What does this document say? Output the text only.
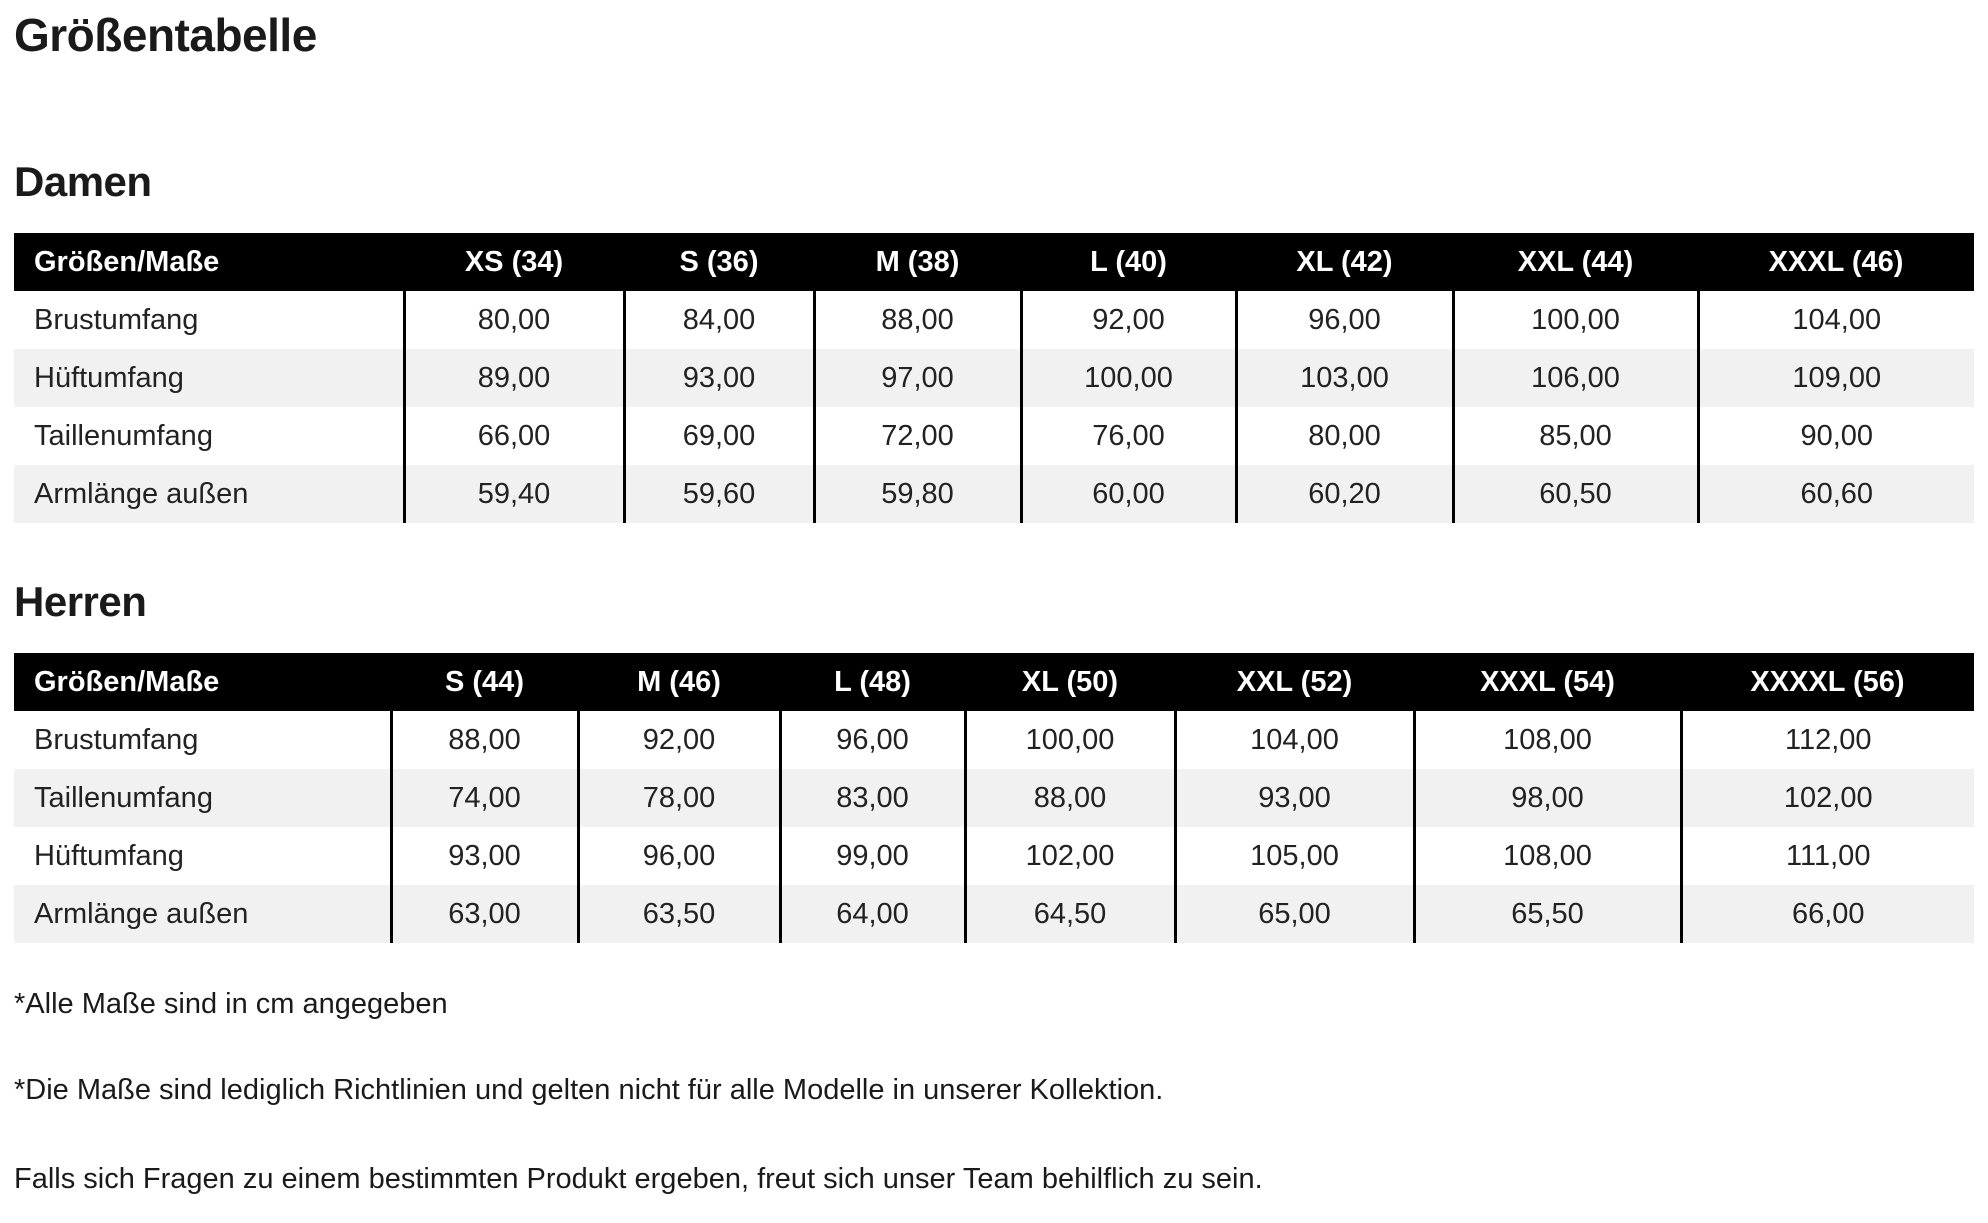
Größentabelle
Damen
Größen/Maße	XS (34)	S (36)	M (38)	L (40)	XL (42)	XXL (44)	XXXL (46)
Brustumfang	80,00	84,00	88,00	92,00	96,00	100,00	104,00
Hüftumfang	89,00	93,00	97,00	100,00	103,00	106,00	109,00
Taillenumfang	66,00	69,00	72,00	76,00	80,00	85,00	90,00
Armlänge außen	59,40	59,60	59,80	60,00	60,20	60,50	60,60
Herren
Größen/Maße	S (44)	M (46)	L (48)	XL (50)	XXL (52)	XXXL (54)	XXXXL (56)
Brustumfang	88,00	92,00	96,00	100,00	104,00	108,00	112,00
Taillenumfang	74,00	78,00	83,00	88,00	93,00	98,00	102,00
Hüftumfang	93,00	96,00	99,00	102,00	105,00	108,00	111,00
Armlänge außen	63,00	63,50	64,00	64,50	65,00	65,50	66,00

*Alle Maße sind in cm angegeben

*Die Maße sind lediglich Richtlinien und gelten nicht für alle Modelle in unserer Kollektion.

Falls sich Fragen zu einem bestimmten Produkt ergeben, freut sich unser Team behilflich zu sein.
